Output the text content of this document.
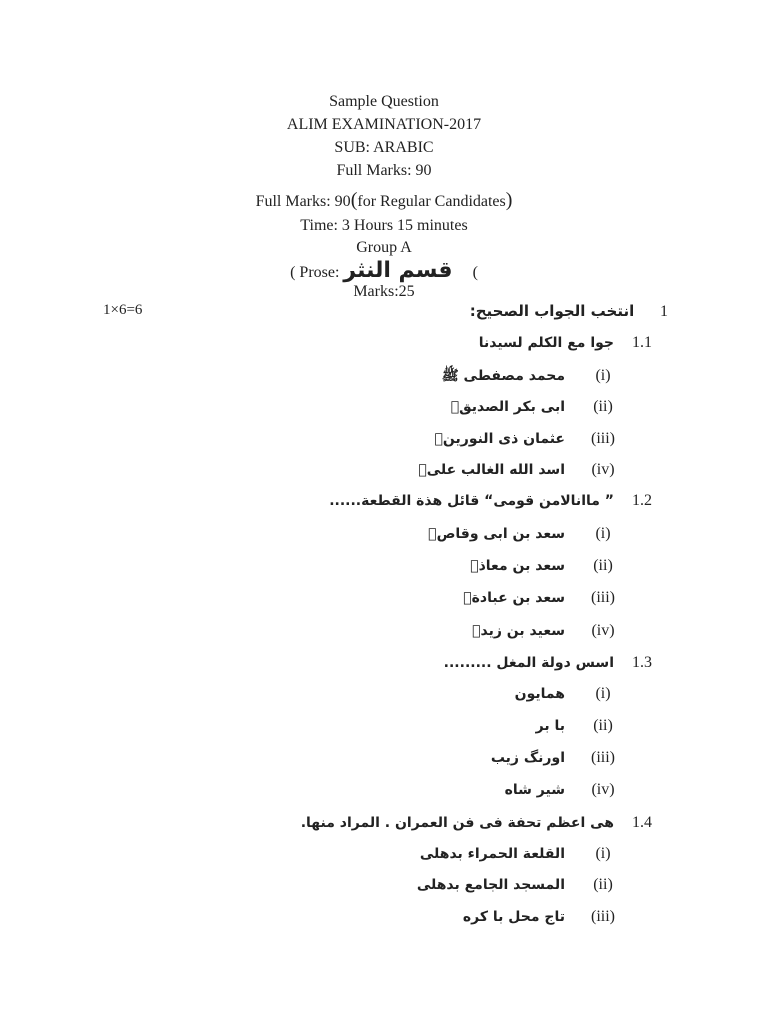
Sample Question
ALIM EXAMINATION-2017
SUB: ARABIC
Full Marks: 90
Full Marks: 90(for Regular Candidates)
Time: 3 Hours 15 minutes
Group A
( Prose: قسم النثر (
Marks:25
1×6=6	انتخب الجواب الصحيح: 1
1.1
جوا مع الكلم لسيدنا
(i)
محمد مصفطی ﷺ
(ii)
ابی بکر الصدیقؓ
(iii)
عثمان ذی النورینؓ
(iv)
اسد الله الغالب علیؓ
1.2
” ماانالامن قومی“ قائل هذة القطعة......
(i)
سعد بن ابی وقاصؓ
(ii)
سعد بن معاذؓ
(iii)
سعد بن عبادةؓ
(iv)
سعید بن زیدؓ
1.3
اسس دولة المغل .........
(i)
همایون
(ii)
با بر
(iii)
اورنگ زیب
(iv)
شیر شاه
1.4
هی اعظم تحفة فی فن العمران . المراد منها.
(i)
القلعة الحمراء بدهلی
(ii)
المسجد الجامع بدهلی
(iii)
تاج محل با کره
